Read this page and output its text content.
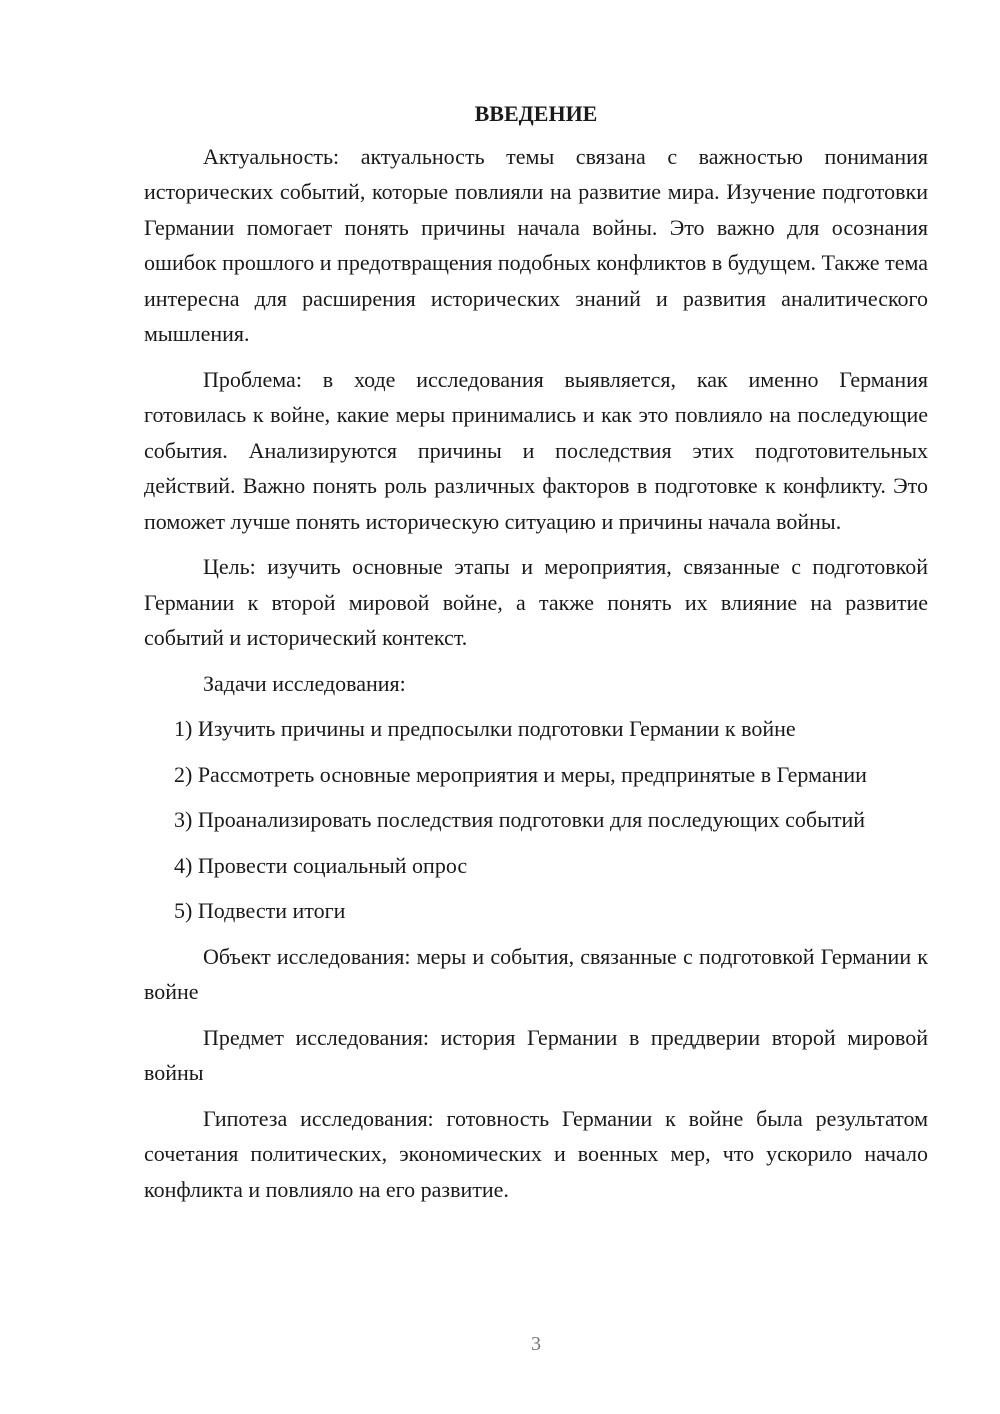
ВВЕДЕНИЕ

Актуальность: актуальность темы связана с важностью понимания исторических событий, которые повлияли на развитие мира. Изучение подготовки Германии помогает понять причины начала войны. Это важно для осознания ошибок прошлого и предотвращения подобных конфликтов в будущем. Также тема интересна для расширения исторических знаний и развития аналитического мышления.

Проблема: в ходе исследования выявляется, как именно Германия готовилась к войне, какие меры принимались и как это повлияло на последующие события. Анализируются причины и последствия этих подготовительных действий. Важно понять роль различных факторов в подготовке к конфликту. Это поможет лучше понять историческую ситуацию и причины начала войны.

Цель: изучить основные этапы и мероприятия, связанные с подготовкой Германии к второй мировой войне, а также понять их влияние на развитие событий и исторический контекст.

Задачи исследования:

1) Изучить причины и предпосылки подготовки Германии к войне

2) Рассмотреть основные мероприятия и меры, предпринятые в Германии

3) Проанализировать последствия подготовки для последующих событий

4) Провести социальный опрос

5) Подвести итоги

Объект исследования: меры и события, связанные с подготовкой Германии к войне

Предмет исследования: история Германии в преддверии второй мировой войны

Гипотеза исследования: готовность Германии к войне была результатом сочетания политических, экономических и военных мер, что ускорило начало конфликта и повлияло на его развитие.

3
